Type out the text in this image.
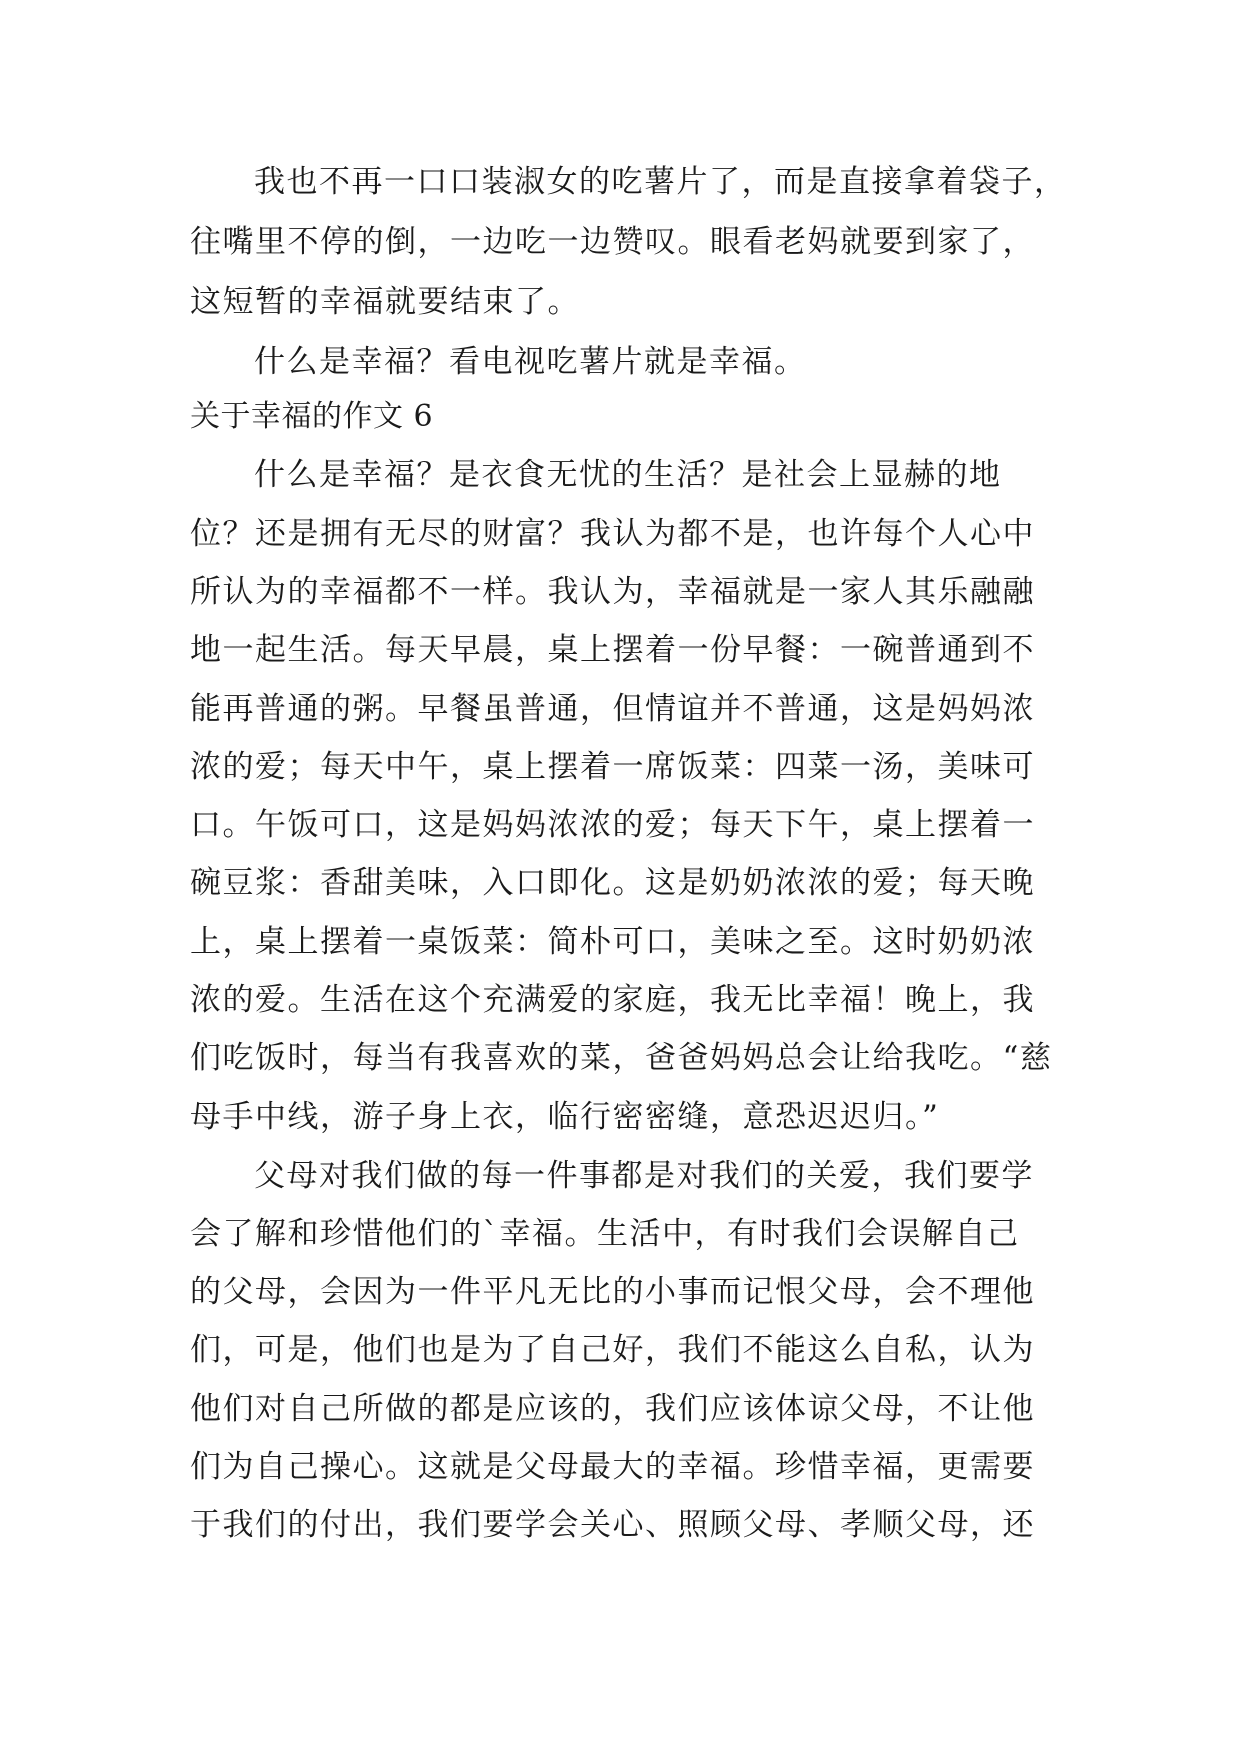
我也不再一口口装淑女的吃薯片了，而是直接拿着袋子，
往嘴里不停的倒，一边吃一边赞叹。眼看老妈就要到家了，
这短暂的幸福就要结束了。
什么是幸福？看电视吃薯片就是幸福。
关于幸福的作文 6
什么是幸福？是衣食无忧的生活？是社会上显赫的地
位？还是拥有无尽的财富？我认为都不是，也许每个人心中
所认为的幸福都不一样。我认为，幸福就是一家人其乐融融
地一起生活。每天早晨，桌上摆着一份早餐：一碗普通到不
能再普通的粥。早餐虽普通，但情谊并不普通，这是妈妈浓
浓的爱；每天中午，桌上摆着一席饭菜：四菜一汤，美味可
口。午饭可口，这是妈妈浓浓的爱；每天下午，桌上摆着一
碗豆浆：香甜美味，入口即化。这是奶奶浓浓的爱；每天晚
上，桌上摆着一桌饭菜：简朴可口，美味之至。这时奶奶浓
浓的爱。生活在这个充满爱的家庭，我无比幸福！晚上，我
们吃饭时，每当有我喜欢的菜，爸爸妈妈总会让给我吃。“慈
母手中线，游子身上衣，临行密密缝，意恐迟迟归。”
父母对我们做的每一件事都是对我们的关爱，我们要学
会了解和珍惜他们的`幸福。生活中，有时我们会误解自己
的父母，会因为一件平凡无比的小事而记恨父母，会不理他
们，可是，他们也是为了自己好，我们不能这么自私，认为
他们对自己所做的都是应该的，我们应该体谅父母，不让他
们为自己操心。这就是父母最大的幸福。珍惜幸福，更需要
于我们的付出，我们要学会关心、照顾父母、孝顺父母，还
